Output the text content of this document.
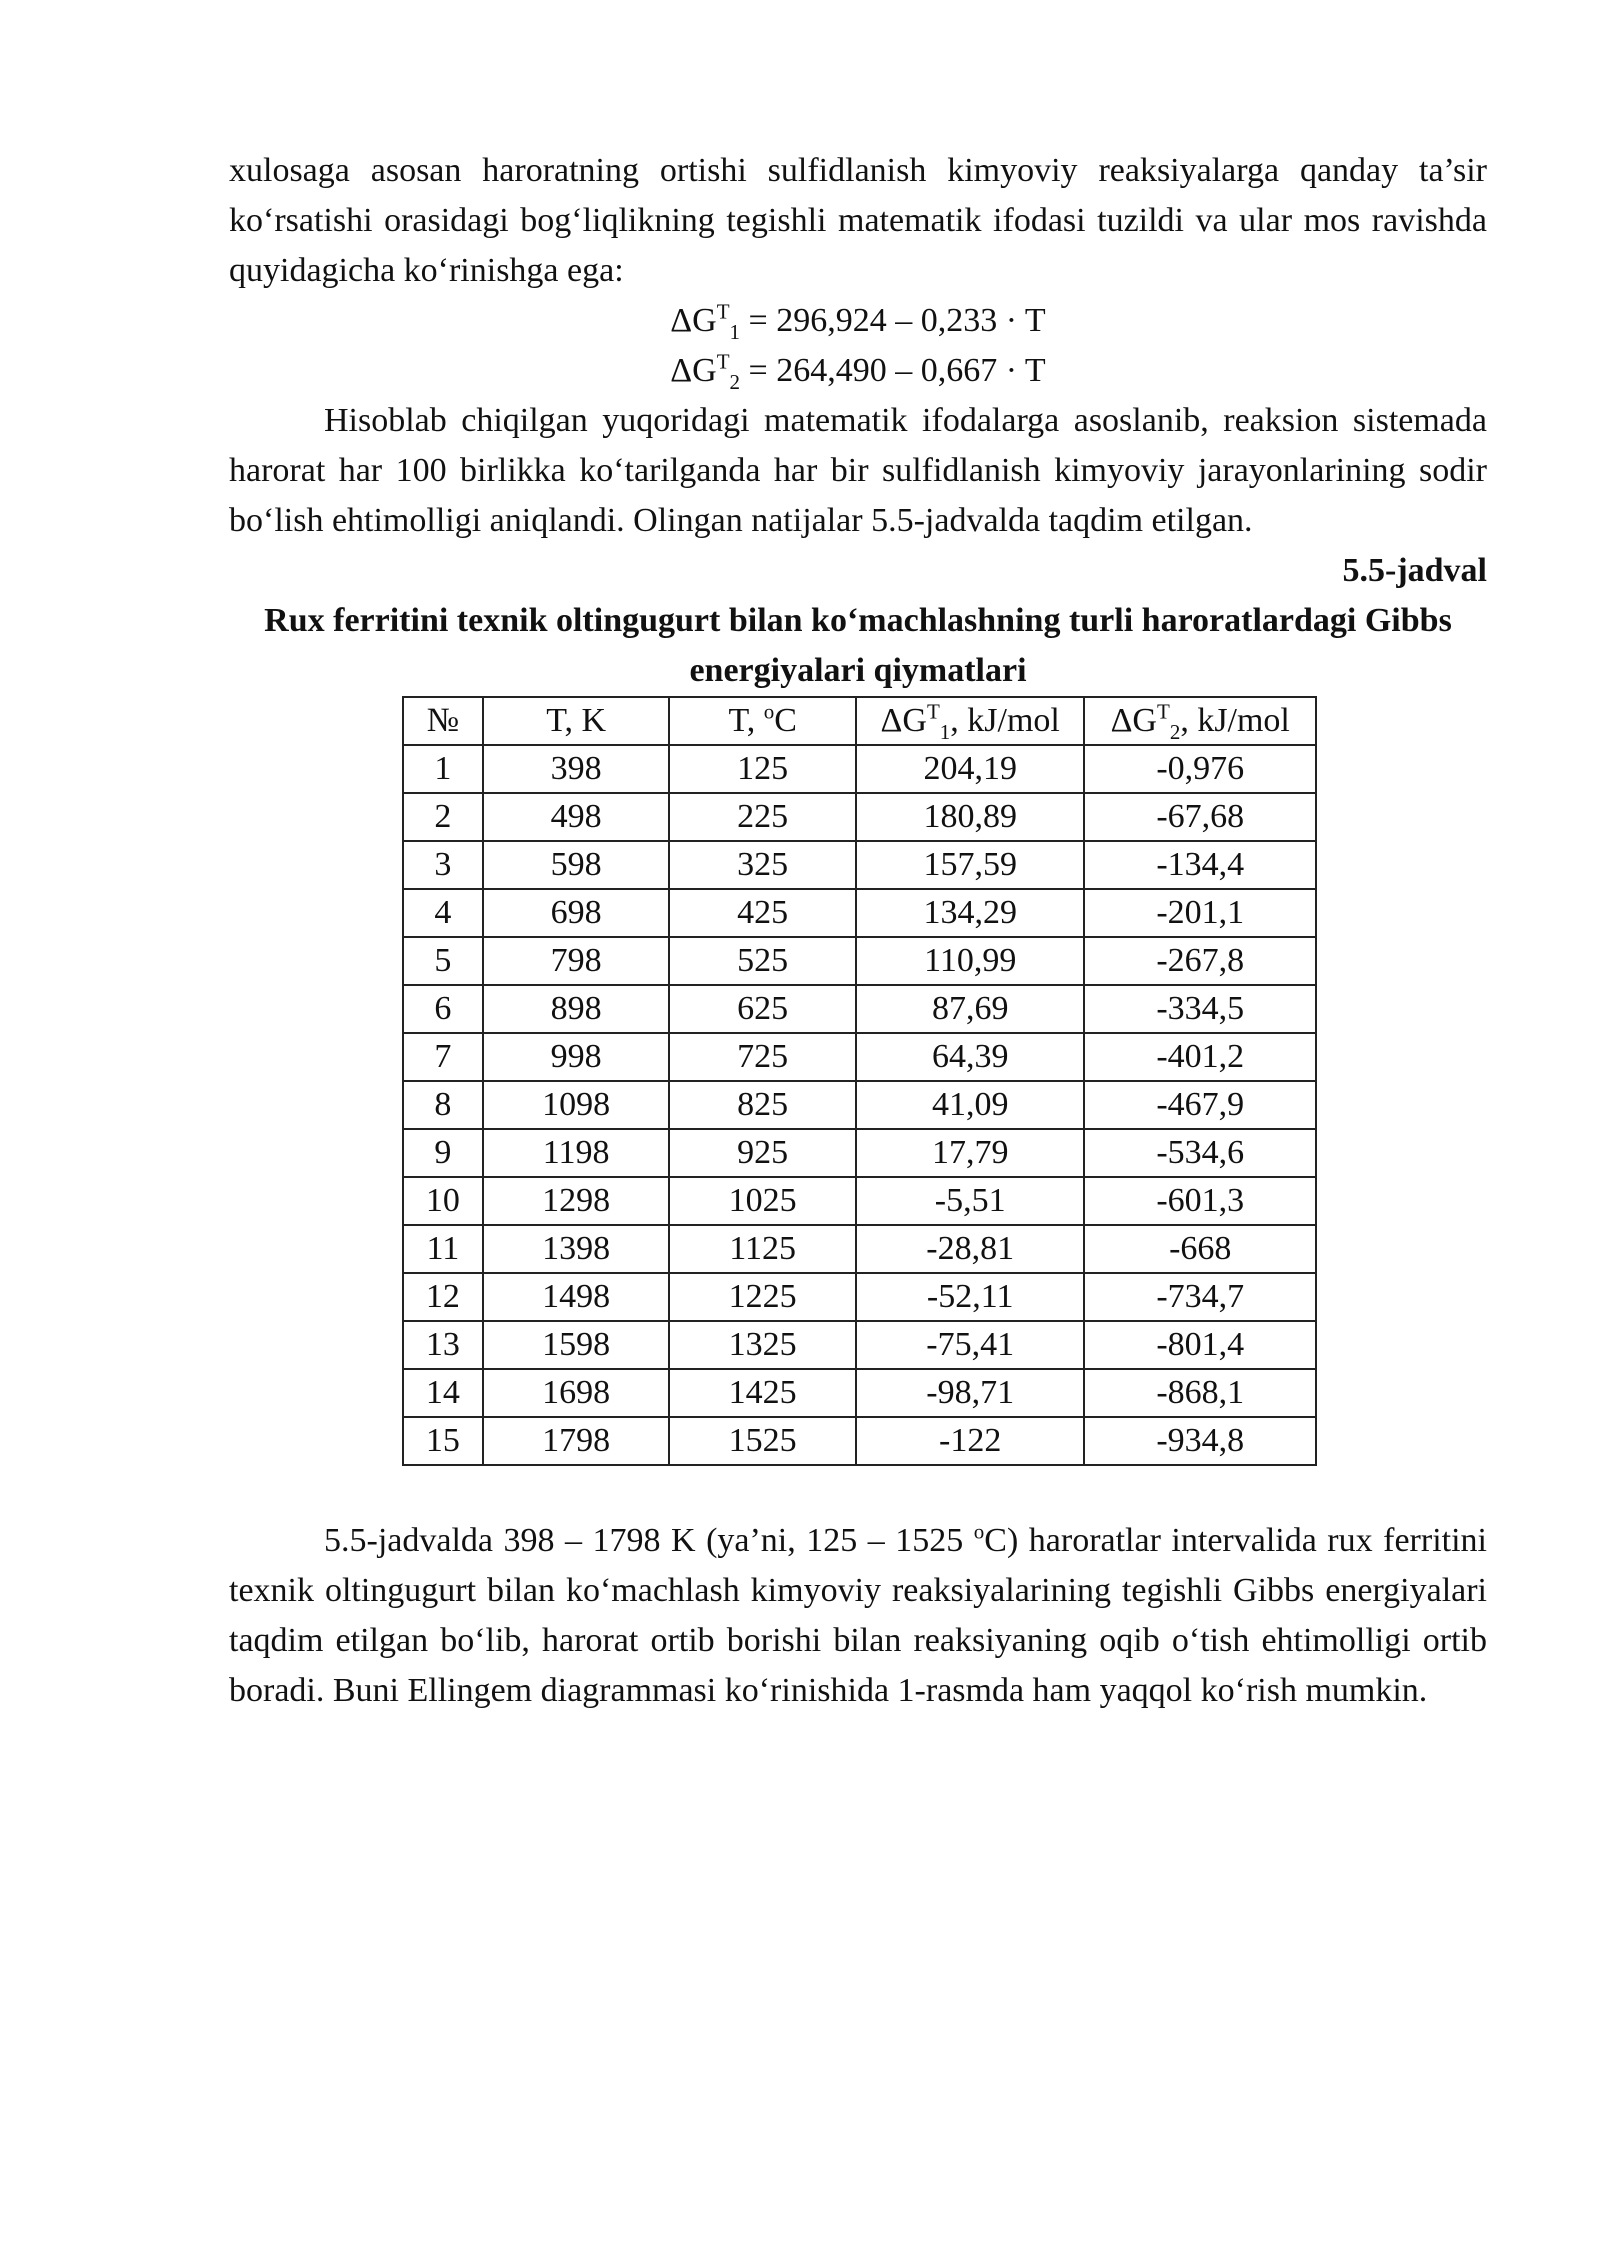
xulosaga asosan haroratning ortishi sulfidlanish kimyoviy reaksiyalarga qanday ta’sir ko‘rsatishi orasidagi bog‘liqlikning tegishli matematik ifodasi tuzildi va ular mos ravishda quyidagicha ko‘rinishga ega:

$\Delta G^T_1 = 296,924 - 0,233 \cdot T$

$\Delta G^T_2 = 264,490 - 0,667 \cdot T$

Hisoblab chiqilgan yuqoridagi matematik ifodalarga asoslanib, reaksion sistemada harorat har 100 birlikka ko‘tarilganda har bir sulfidlanish kimyoviy jarayonlarining sodir bo‘lish ehtimolligi aniqlandi. Olingan natijalar 5.5-jadvalda taqdim etilgan.

5.5-jadval

Rux ferritini texnik oltingugurt bilan ko‘machlashning turli haroratlardagi Gibbs energiyalari qiymatlari

№	T, K	T, $^o$C	$\Delta G^T_1$, kJ/mol	$\Delta G^T_2$, kJ/mol
1	398	125	204,19	-0,976
2	498	225	180,89	-67,68
3	598	325	157,59	-134,4
4	698	425	134,29	-201,1
5	798	525	110,99	-267,8
6	898	625	87,69	-334,5
7	998	725	64,39	-401,2
8	1098	825	41,09	-467,9
9	1198	925	17,79	-534,6
10	1298	1025	-5,51	-601,3
11	1398	1125	-28,81	-668
12	1498	1225	-52,11	-734,7
13	1598	1325	-75,41	-801,4
14	1698	1425	-98,71	-868,1
15	1798	1525	-122	-934,8

5.5-jadvalda 398 – 1798 K (ya’ni, 125 – 1525 $^o$C) haroratlar intervalida rux ferritini texnik oltingugurt bilan ko‘machlash kimyoviy reaksiyalarining tegishli Gibbs energiyalari taqdim etilgan bo‘lib, harorat ortib borishi bilan reaksiyaning oqib o‘tish ehtimolligi ortib boradi. Buni Ellingem diagrammasi ko‘rinishida 1-rasmda ham yaqqol ko‘rish mumkin.
